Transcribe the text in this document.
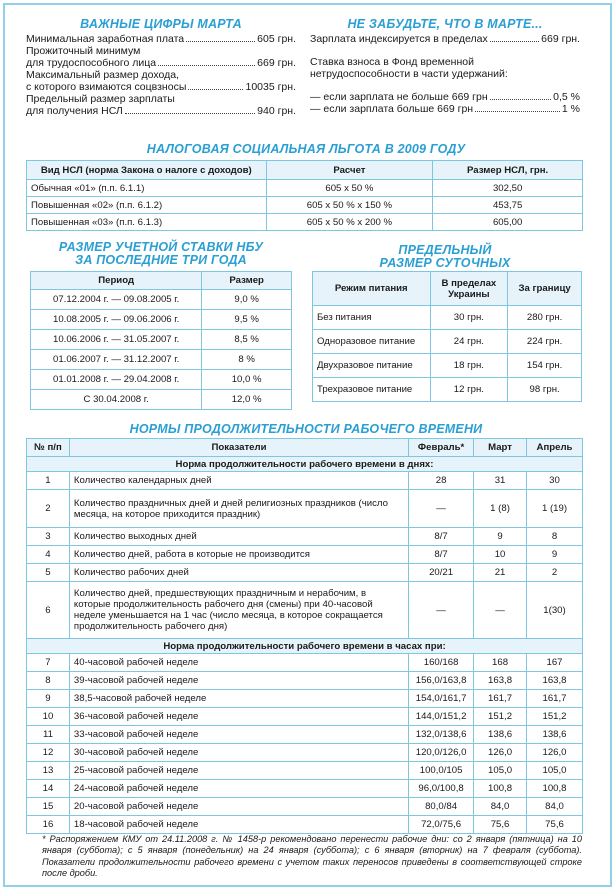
ВАЖНЫЕ ЦИФРЫ МАРТА
Минимальная заработная плата	605 грн.
Прожиточный минимум
для трудоспособного лица	669 грн.
Максимальный размер дохода,
с которого взимаются соцвзносы	10035 грн.
Предельный размер зарплаты
для получения НСЛ	940 грн.
НЕ ЗАБУДЬТЕ, ЧТО В МАРТЕ...
Зарплата индексируется в пределах	669 грн.
Ставка взноса в Фонд временной
нетрудоспособности в части удержаний:
— если зарплата не больше 669 грн	0,5 %
— если зарплата больше 669 грн	1 %
НАЛОГОВАЯ СОЦИАЛЬНАЯ ЛЬГОТА В 2009 ГОДУ
Вид НСЛ (норма Закона о налоге с доходов)	Расчет	Размер НСЛ, грн.
Обычная «01» (п.п. 6.1.1)	605 х 50 %	302,50
Повышенная «02» (п.п. 6.1.2)	605 х 50 % х 150 %	453,75
Повышенная «03» (п.п. 6.1.3)	605 х 50 % х 200 %	605,00
РАЗМЕР УЧЕТНОЙ СТАВКИ НБУ
ЗА ПОСЛЕДНИЕ ТРИ ГОДА
Период	Размер
07.12.2004 г. — 09.08.2005 г.	9,0 %
10.08.2005 г. — 09.06.2006 г.	9,5 %
10.06.2006 г. — 31.05.2007 г.	8,5 %
01.06.2007 г. — 31.12.2007 г.	8 %
01.01.2008 г. — 29.04.2008 г.	10,0 %
С 30.04.2008 г.	12,0 %
ПРЕДЕЛЬНЫЙ
РАЗМЕР СУТОЧНЫХ
Режим питания	В пределах Украины	За границу
Без питания	30 грн.	280 грн.
Одноразовое питание	24 грн.	224 грн.
Двухразовое питание	18 грн.	154 грн.
Трехразовое питание	12 грн.	98 грн.
НОРМЫ ПРОДОЛЖИТЕЛЬНОСТИ РАБОЧЕГО ВРЕМЕНИ
№ п/п	Показатели	Февраль*	Март	Апрель
Норма продолжительности рабочего времени в днях:				
1	Количество календарных дней	28	31	30
2	Количество праздничных дней и дней религиозных праздников (число месяца, на которое приходится праздник)	—	1 (8)	1 (19)
3	Количество выходных дней	8/7	9	8
4	Количество дней, работа в которые не производится	8/7	10	9
5	Количество рабочих дней	20/21	21	2
6	Количество дней, предшествующих праздничным и нерабочим, в которые продолжительность рабочего дня (смены) при 40-часовой неделе уменьшается на 1 час (число месяца, в которое сокращается продолжительность рабочего дня)	—	—	1(30)
Норма продолжительности рабочего времени в часах при:				
7	40-часовой рабочей неделе	160/168	168	167
8	39-часовой рабочей неделе	156,0/163,8	163,8	163,8
9	38,5-часовой рабочей неделе	154,0/161,7	161,7	161,7
10	36-часовой рабочей неделе	144,0/151,2	151,2	151,2
11	33-часовой рабочей неделе	132,0/138,6	138,6	138,6
12	30-часовой рабочей неделе	120,0/126,0	126,0	126,0
13	25-часовой рабочей неделе	100,0/105	105,0	105,0
14	24-часовой рабочей неделе	96,0/100,8	100,8	100,8
15	20-часовой рабочей неделе	80,0/84	84,0	84,0
16	18-часовой рабочей неделе	72,0/75,6	75,6	75,6
* Распоряжением КМУ от 24.11.2008 г. № 1458-р рекомендовано перенести рабочие дни: со 2 января (пятница) на 10 января (суббота); с 5 января (понедельник) на 24 января (суббота); с 6 января (вторник) на 7 февраля (суббота). Показатели продолжительности рабочего времени с учетом таких переносов приведены в соответствующей строке после дроби.
